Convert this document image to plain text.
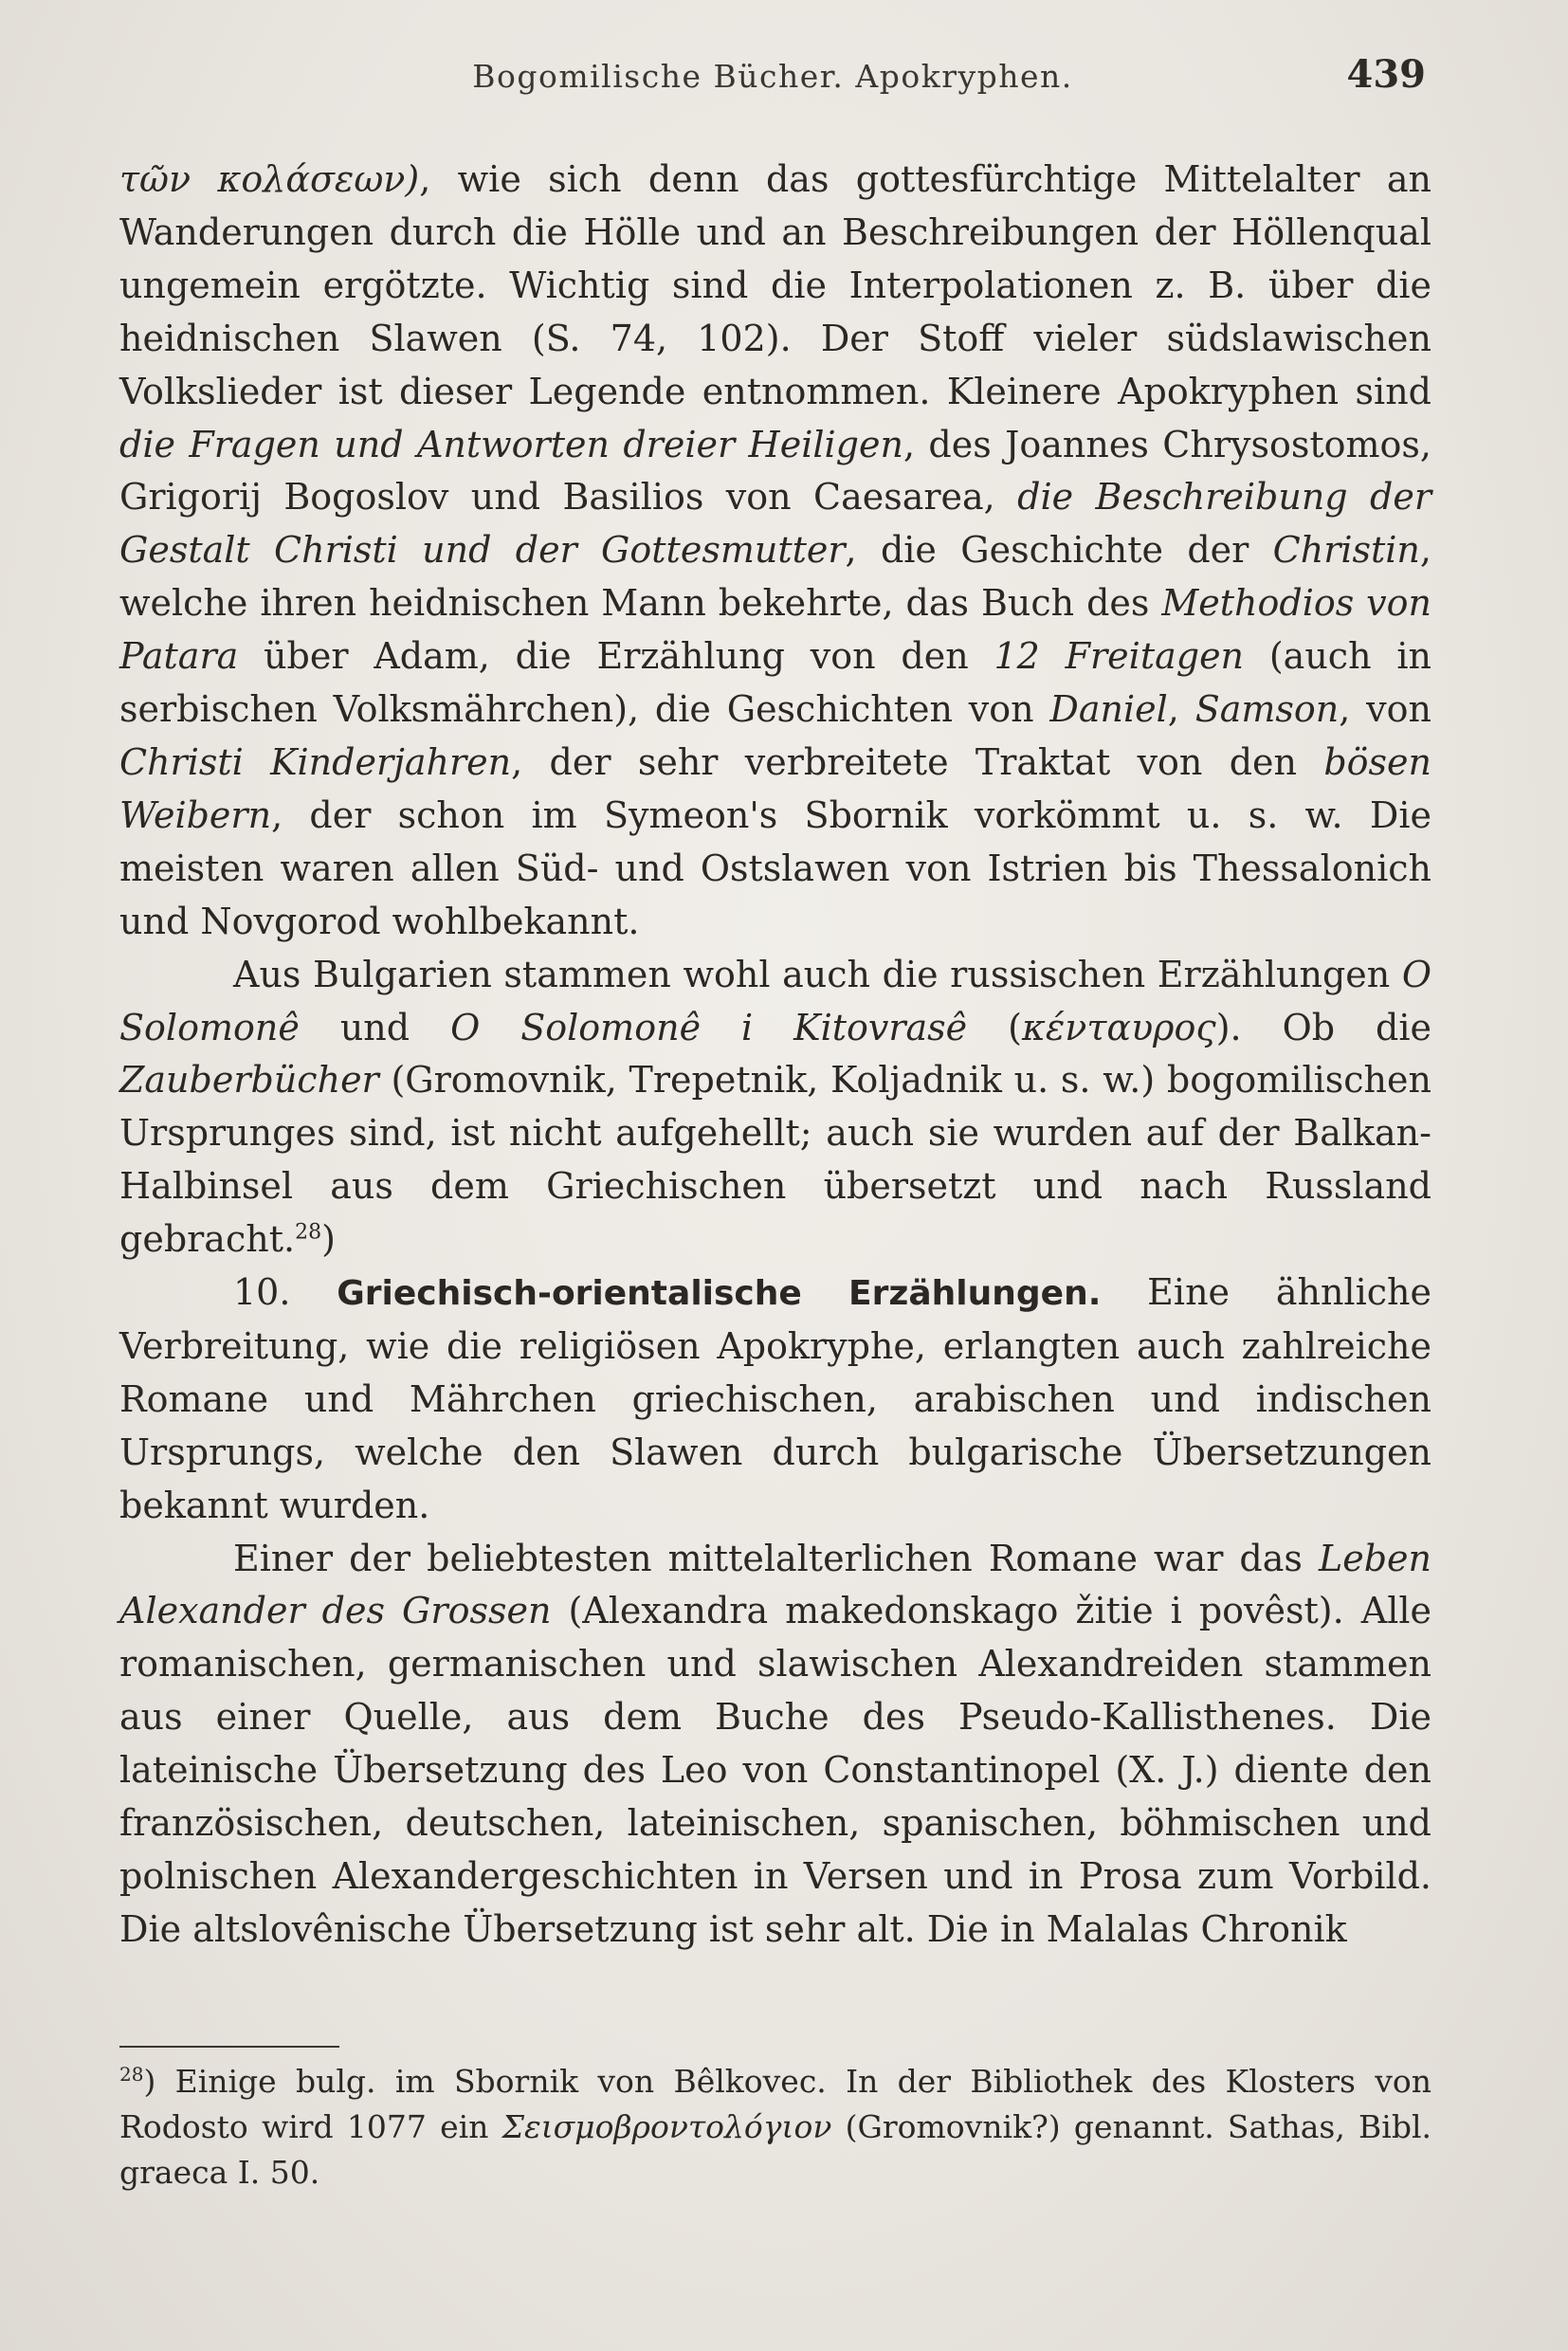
Bogomilische Bücher. Apokryphen.	439

τῶν κολάσεων), wie sich denn das gottesfürchtige Mittelalter an Wanderungen durch die Hölle und an Beschreibungen der Höllenqual ungemein ergötzte. Wichtig sind die Interpolationen z. B. über die heidnischen Slawen (S. 74, 102). Der Stoff vieler südslawischen Volkslieder ist dieser Legende entnommen. Kleinere Apokryphen sind die Fragen und Antworten dreier Heiligen, des Joannes Chrysostomos, Grigorij Bogoslov und Basilios von Caesarea, die Beschreibung der Gestalt Christi und der Gottesmutter, die Geschichte der Christin, welche ihren heidnischen Mann bekehrte, das Buch des Methodios von Patara über Adam, die Erzählung von den 12 Freitagen (auch in serbischen Volksmährchen), die Geschichten von Daniel, Samson, von Christi Kinderjahren, der sehr verbreitete Traktat von den bösen Weibern, der schon im Symeon's Sbornik vorkömmt u. s. w. Die meisten waren allen Süd- und Ostslawen von Istrien bis Thessalonich und Novgorod wohlbekannt.

Aus Bulgarien stammen wohl auch die russischen Erzählungen O Solomonê und O Solomonê i Kitovrasê (κένταυρος). Ob die Zauberbücher (Gromovnik, Trepetnik, Koljadnik u. s. w.) bogomilischen Ursprunges sind, ist nicht aufgehellt; auch sie wurden auf der Balkan-Halbinsel aus dem Griechischen übersetzt und nach Russland gebracht.$^{28}$)

10. Griechisch-orientalische Erzählungen. Eine ähnliche Verbreitung, wie die religiösen Apokryphe, erlangten auch zahlreiche Romane und Mährchen griechischen, arabischen und indischen Ursprungs, welche den Slawen durch bulgarische Übersetzungen bekannt wurden.

Einer der beliebtesten mittelalterlichen Romane war das Leben Alexander des Grossen (Alexandra makedonskago žitie i povêst). Alle romanischen, germanischen und slawischen Alexandreiden stammen aus einer Quelle, aus dem Buche des Pseudo-Kallisthenes. Die lateinische Übersetzung des Leo von Constantinopel (X. J.) diente den französischen, deutschen, lateinischen, spanischen, böhmischen und polnischen Alexandergeschichten in Versen und in Prosa zum Vorbild. Die altslovênische Übersetzung ist sehr alt. Die in Malalas Chronik

$^{28}$) Einige bulg. im Sbornik von Bêlkovec. In der Bibliothek des Klosters von Rodosto wird 1077 ein Σεισμοβροντολόγιον (Gromovnik?) genannt. Sathas, Bibl. graeca I. 50.
